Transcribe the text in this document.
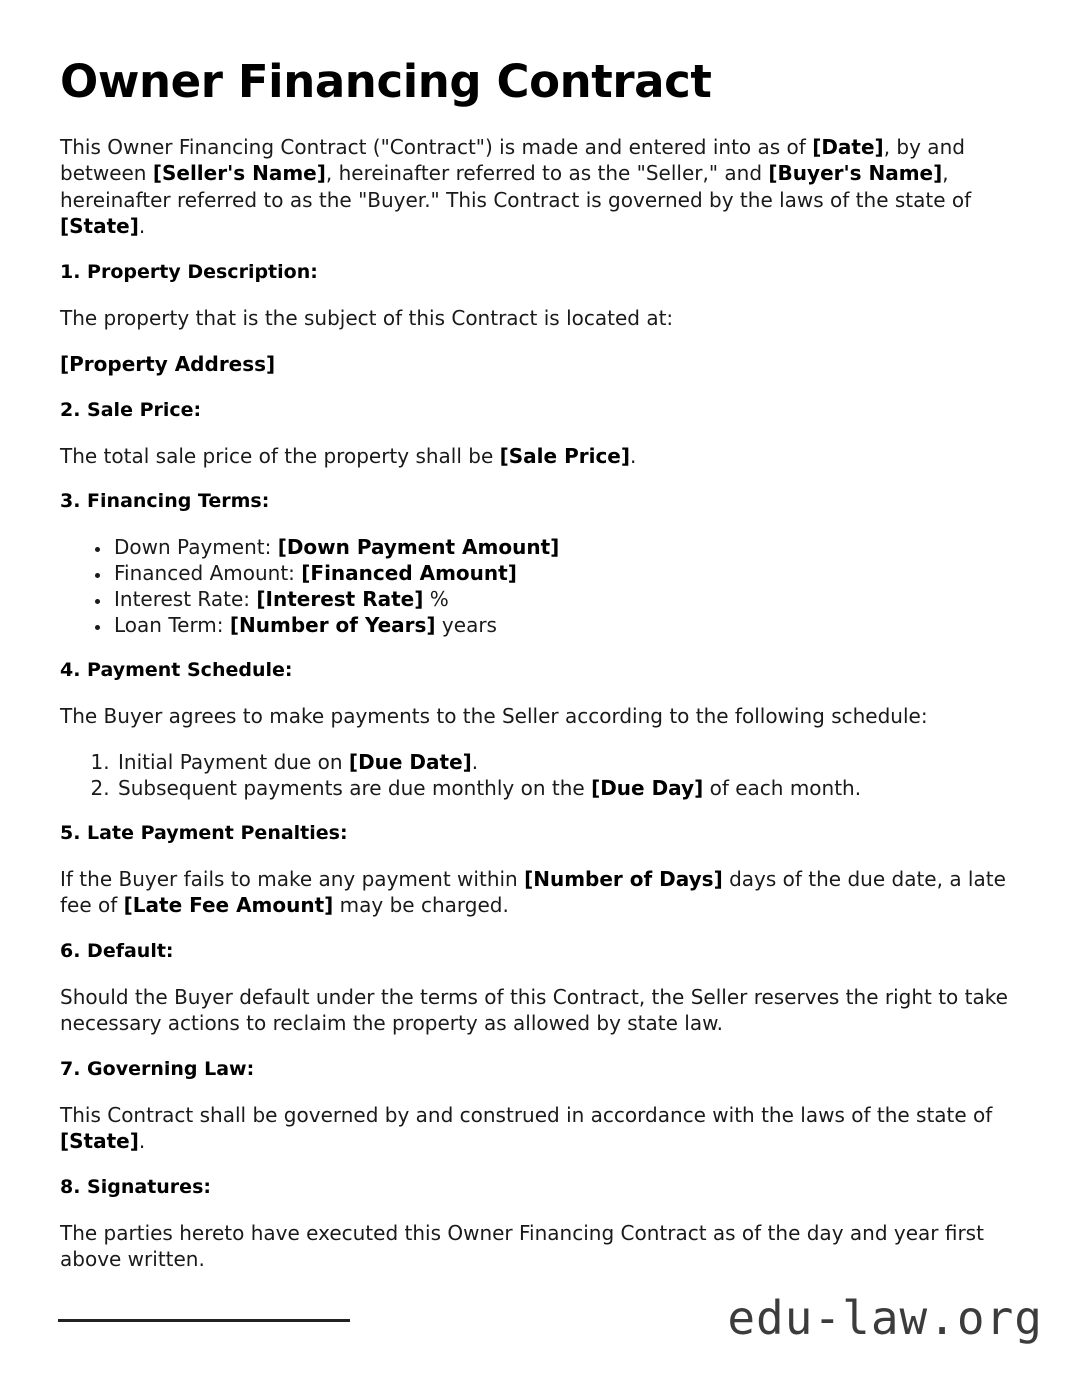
Owner Financing Contract

This Owner Financing Contract ("Contract") is made and entered into as of [Date], by and between [Seller's Name], hereinafter referred to as the "Seller," and [Buyer's Name], hereinafter referred to as the "Buyer." This Contract is governed by the laws of the state of [State].

1. Property Description:

The property that is the subject of this Contract is located at:

[Property Address]

2. Sale Price:

The total sale price of the property shall be [Sale Price].

3. Financing Terms:
• Down Payment: [Down Payment Amount]
• Financed Amount: [Financed Amount]
• Interest Rate: [Interest Rate] %
• Loan Term: [Number of Years] years
4. Payment Schedule:

The Buyer agrees to make payments to the Seller according to the following schedule:

1. Initial Payment due on [Due Date].
2. Subsequent payments are due monthly on the [Due Day] of each month.
5. Late Payment Penalties:

If the Buyer fails to make any payment within [Number of Days] days of the due date, a late fee of [Late Fee Amount] may be charged.

6. Default:

Should the Buyer default under the terms of this Contract, the Seller reserves the right to take necessary actions to reclaim the property as allowed by state law.

7. Governing Law:

This Contract shall be governed by and construed in accordance with the laws of the state of [State].

8. Signatures:

The parties hereto have executed this Owner Financing Contract as of the day and year first above written.

edu-law.org
